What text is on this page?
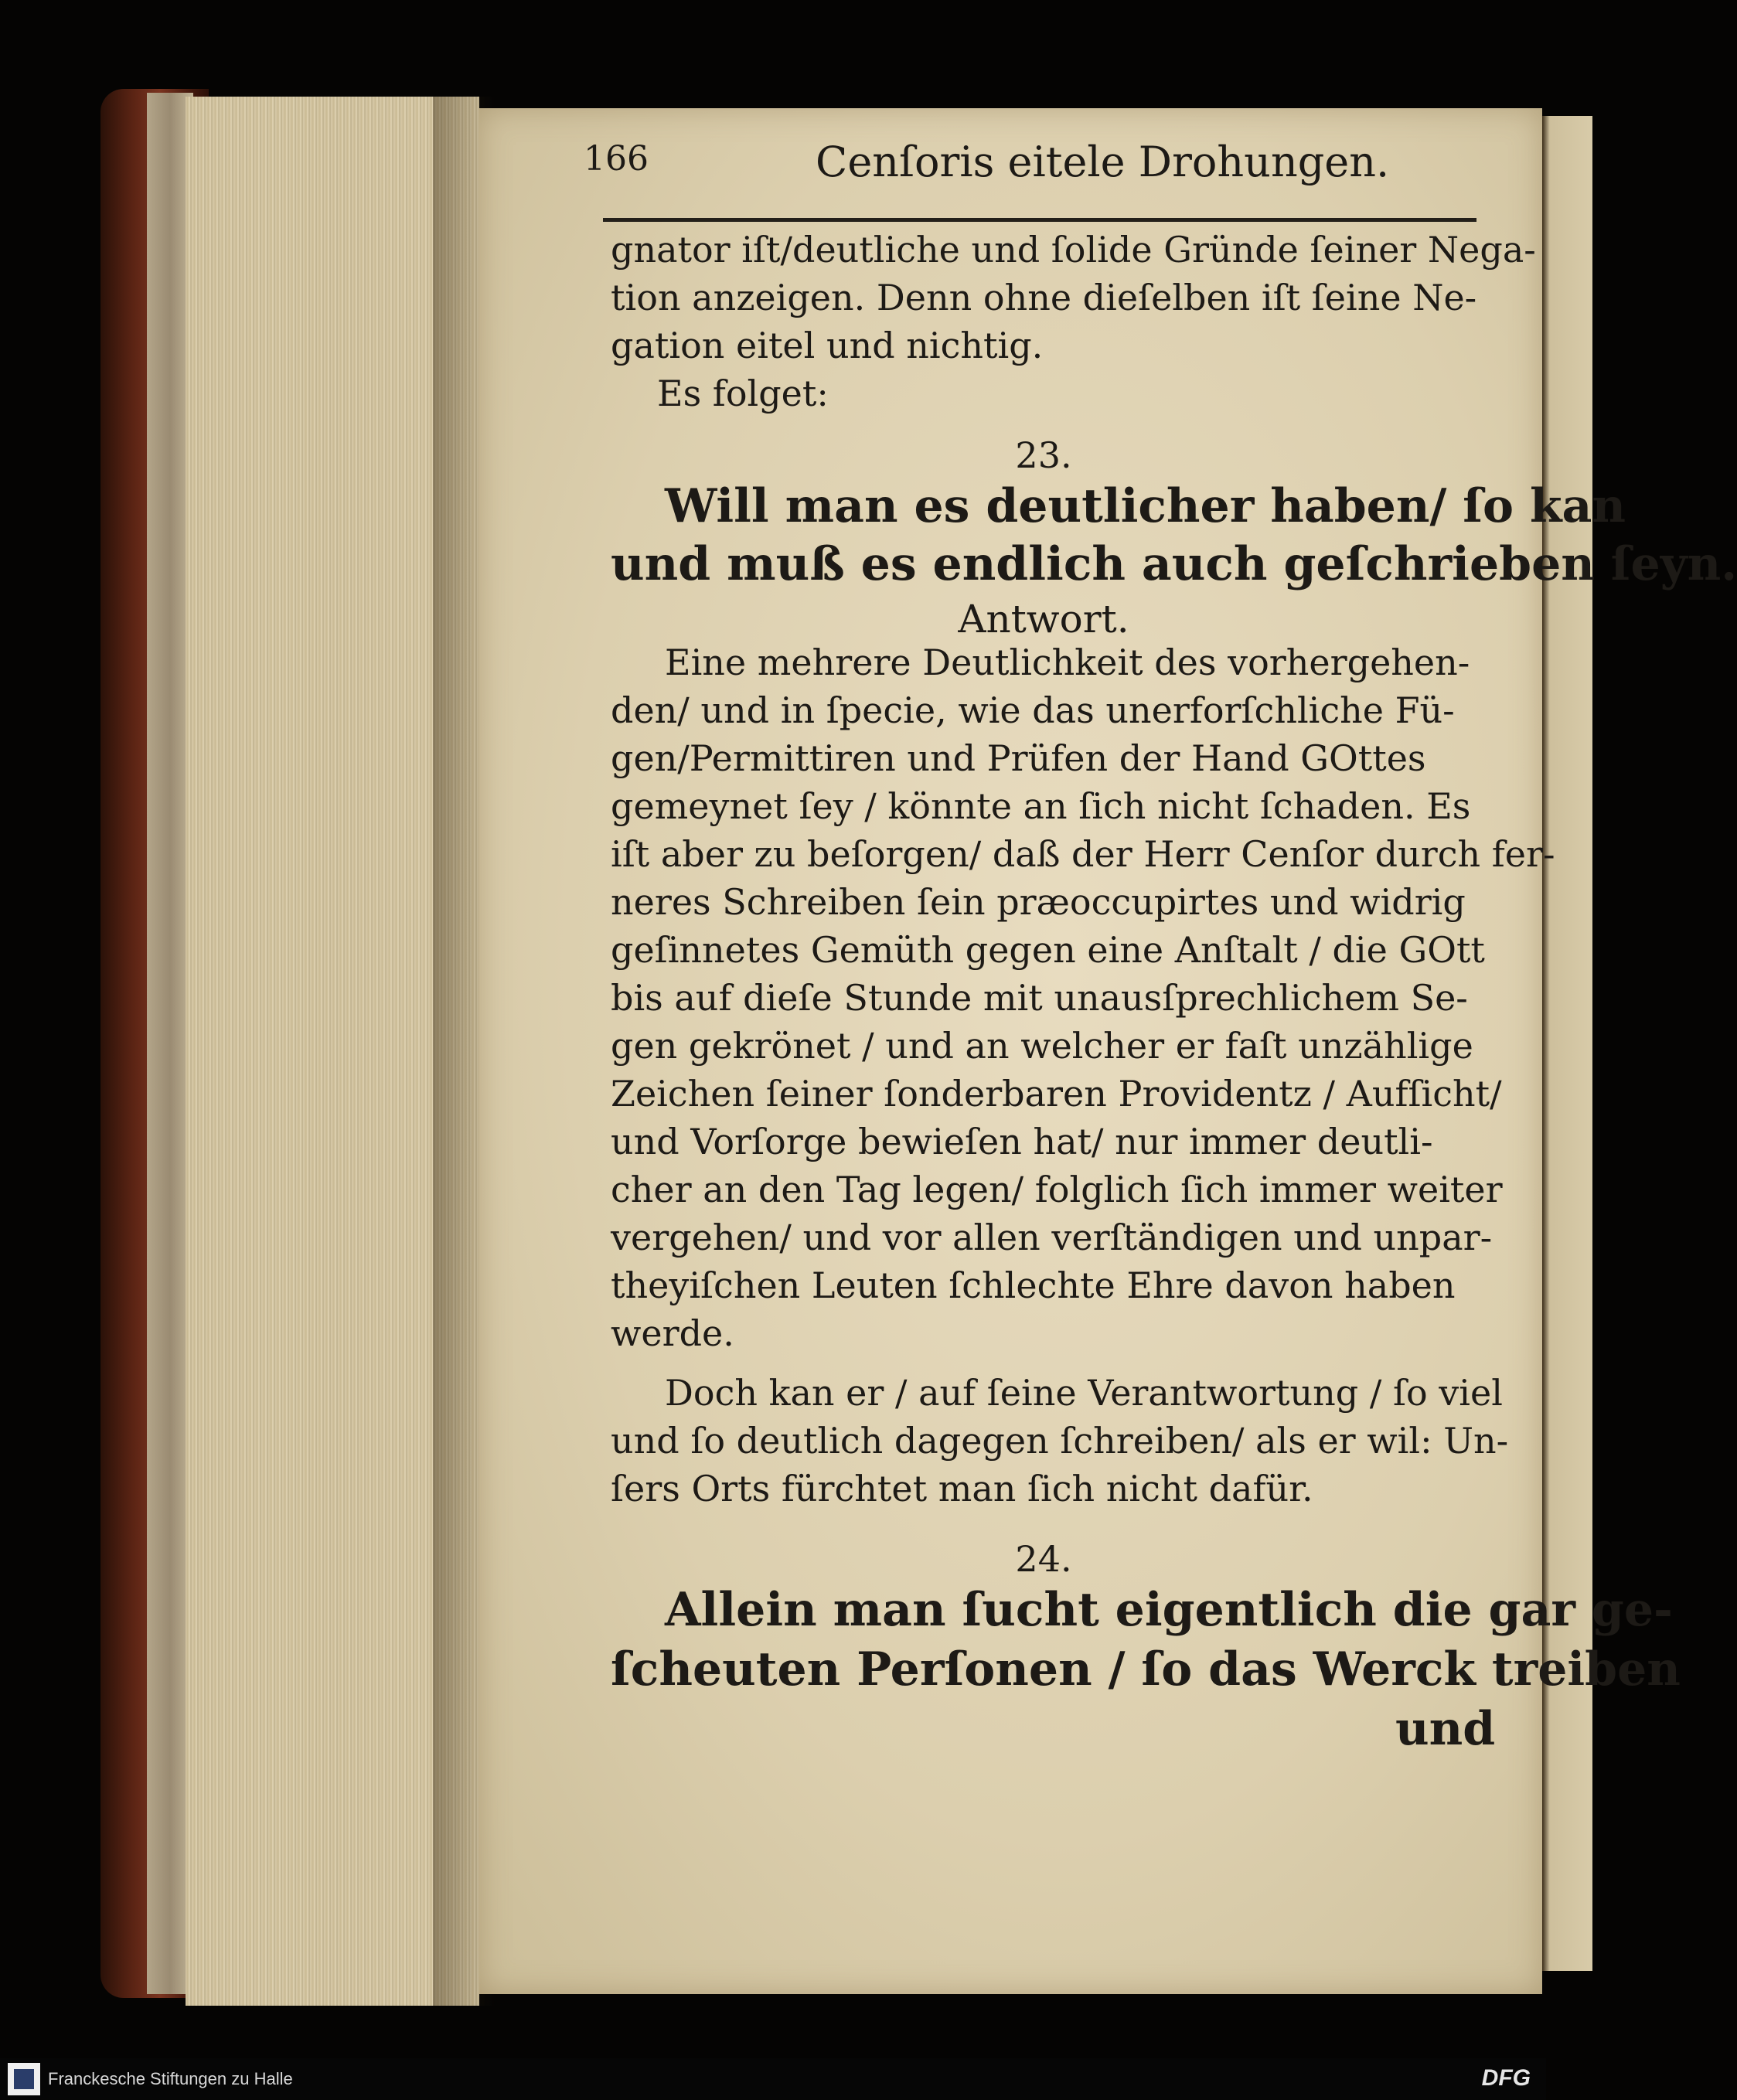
166	Cenſoris eitele Drohungen.
gnator iſt/deutliche und ſolide Gründe ſeiner Nega-
tion anzeigen. Denn ohne dieſelben iſt ſeine Ne-
gation eitel und nichtig.
Es folget:
23.
Will man es deutlicher haben/ ſo kan
und muß es endlich auch geſchrieben ſeyn.
Antwort.
Eine mehrere Deutlichkeit des vorhergehen-
den/ und in ſpecie, wie das unerforſchliche Fü-
gen/Permittiren und Prüfen der Hand GOttes
gemeynet ſey / könnte an ſich nicht ſchaden. Es
iſt aber zu beſorgen/ daß der Herr Cenſor durch fer-
neres Schreiben ſein præoccupirtes und widrig
geſinnetes Gemüth gegen eine Anſtalt / die GOtt
bis auf dieſe Stunde mit unausſprechlichem Se-
gen gekrönet / und an welcher er faſt unzählige
Zeichen ſeiner ſonderbaren Providentz / Aufſicht/
und Vorſorge bewieſen hat/ nur immer deutli-
cher an den Tag legen/ folglich ſich immer weiter
vergehen/ und vor allen verſtändigen und unpar-
theyiſchen Leuten ſchlechte Ehre davon haben
werde.
Doch kan er / auf ſeine Verantwortung / ſo viel
und ſo deutlich dagegen ſchreiben/ als er wil: Un-
ſers Orts fürchtet man ſich nicht dafür.
24.
Allein man ſucht eigentlich die gar ge-
ſcheuten Perſonen / ſo das Werck treiben
und
Franckesche Stiftungen zu Halle	DFG
